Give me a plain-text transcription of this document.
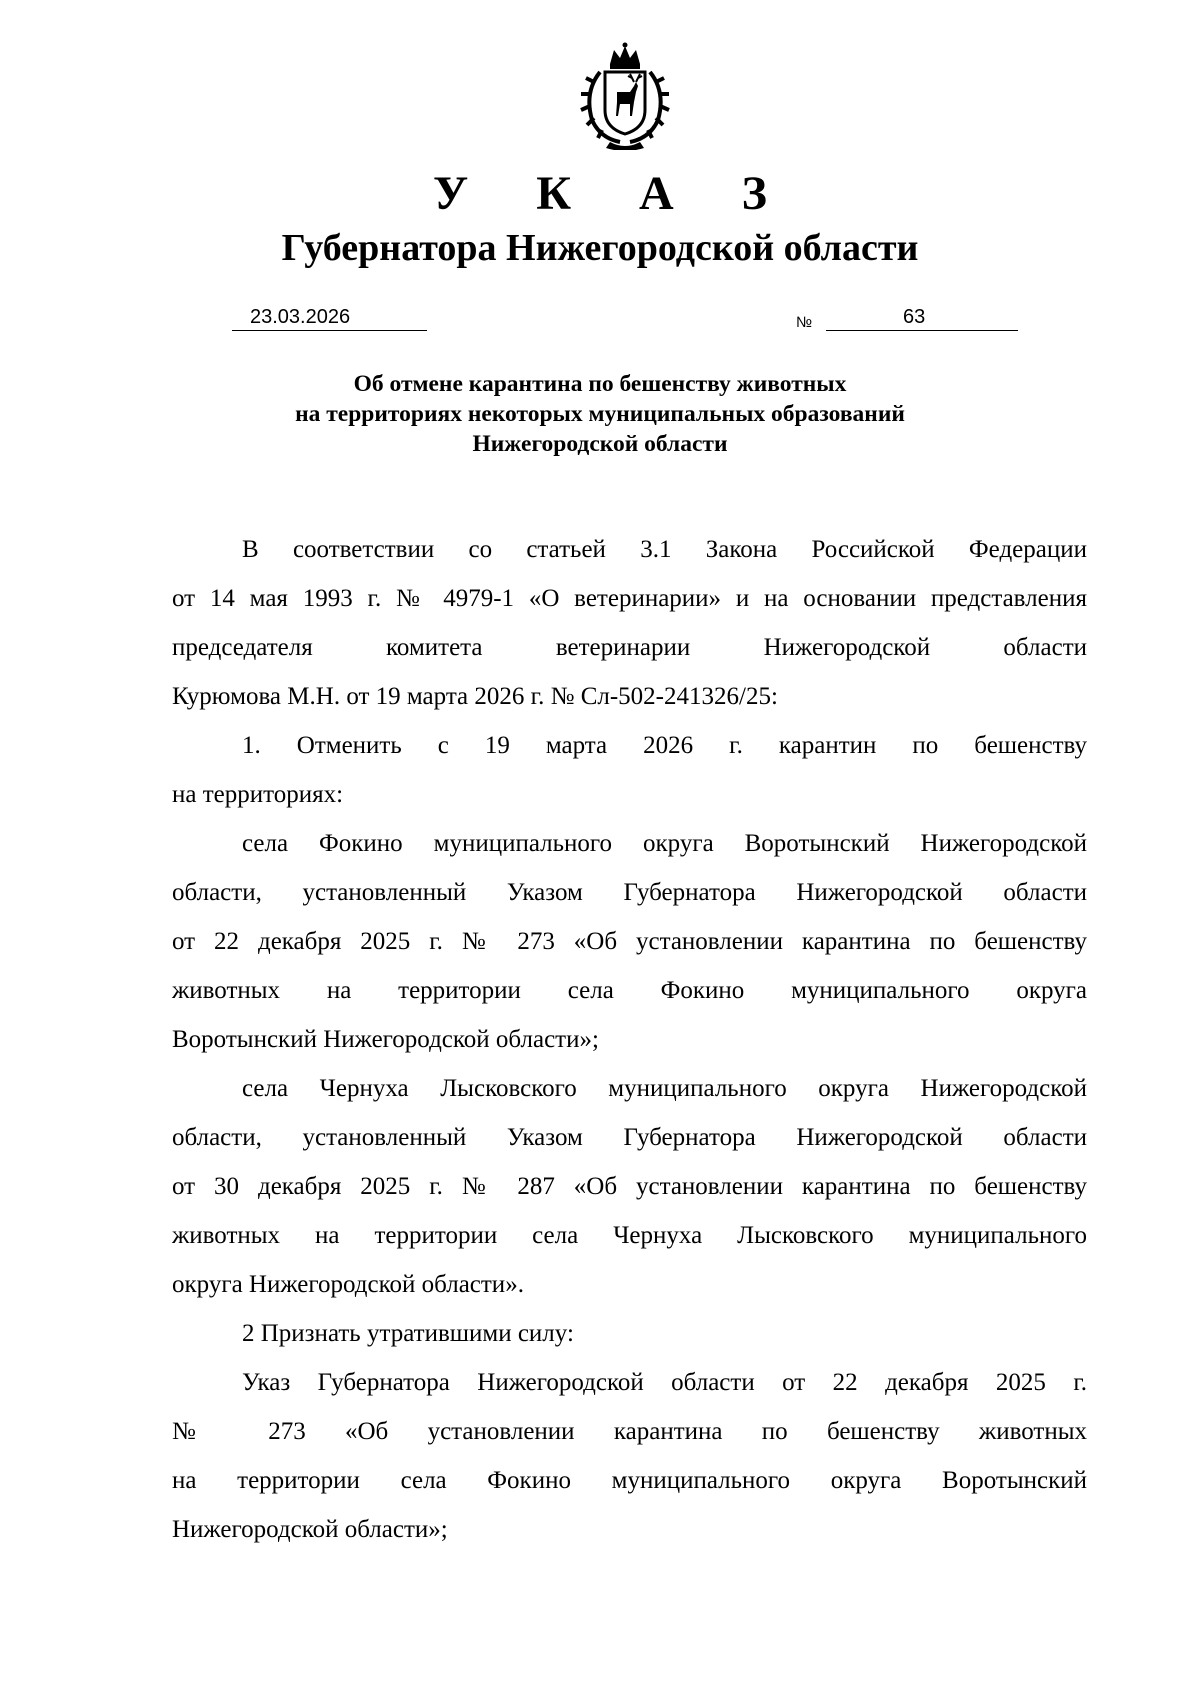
У К А З
Губернатора Нижегородской области
23.03.2026	№	63
Об отмене карантина по бешенству животных
на территориях некоторых муниципальных образований
Нижегородской области
В соответствии со статьей 3.1 Закона Российской Федерации
от 14 мая 1993 г. № 4979-1 «О ветеринарии» и на основании представления
председателя комитета ветеринарии Нижегородской области
Курюмова М.Н. от 19 марта 2026 г. № Сл-502-241326/25:
1. Отменить с 19 марта 2026 г. карантин по бешенству
на территориях:
села Фокино муниципального округа Воротынский Нижегородской
области, установленный Указом Губернатора Нижегородской области
от 22 декабря 2025 г. № 273 «Об установлении карантина по бешенству
животных на территории села Фокино муниципального округа
Воротынский Нижегородской области»;
села Чернуха Лысковского муниципального округа Нижегородской
области, установленный Указом Губернатора Нижегородской области
от 30 декабря 2025 г. № 287 «Об установлении карантина по бешенству
животных на территории села Чернуха Лысковского муниципального
округа Нижегородской области».
2 Признать утратившими силу:
Указ Губернатора Нижегородской области от 22 декабря 2025 г.
№ 273 «Об установлении карантина по бешенству животных
на территории села Фокино муниципального округа Воротынский
Нижегородской области»;
